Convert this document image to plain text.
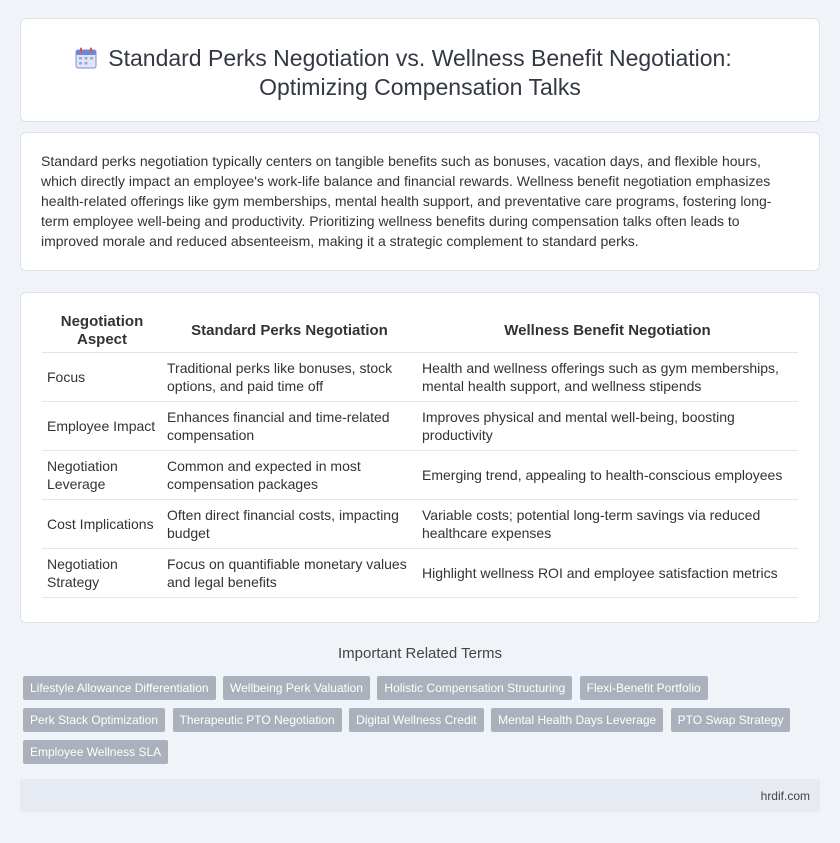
Standard Perks Negotiation vs. Wellness Benefit Negotiation:
Optimizing Compensation Talks

Standard perks negotiation typically centers on tangible benefits such as bonuses, vacation days, and flexible hours, which directly impact an employee's work-life balance and financial rewards. Wellness benefit negotiation emphasizes health-related offerings like gym memberships, mental health support, and preventative care programs, fostering long-term employee well-being and productivity. Prioritizing wellness benefits during compensation talks often leads to improved morale and reduced absenteeism, making it a strategic complement to standard perks.

Negotiation Aspect	Standard Perks Negotiation	Wellness Benefit Negotiation
Focus	Traditional perks like bonuses, stock options, and paid time off	Health and wellness offerings such as gym memberships, mental health support, and wellness stipends
Employee Impact	Enhances financial and time-related compensation	Improves physical and mental well-being, boosting productivity
Negotiation Leverage	Common and expected in most compensation packages	Emerging trend, appealing to health-conscious employees
Cost Implications	Often direct financial costs, impacting budget	Variable costs; potential long-term savings via reduced healthcare expenses
Negotiation Strategy	Focus on quantifiable monetary values and legal benefits	Highlight wellness ROI and employee satisfaction metrics
Important Related Terms
Lifestyle Allowance Differentiation Wellbeing Perk Valuation Holistic Compensation Structuring Flexi-Benefit Portfolio Perk Stack Optimization Therapeutic PTO Negotiation Digital Wellness Credit Mental Health Days Leverage PTO Swap Strategy Employee Wellness SLA
hrdif.com
